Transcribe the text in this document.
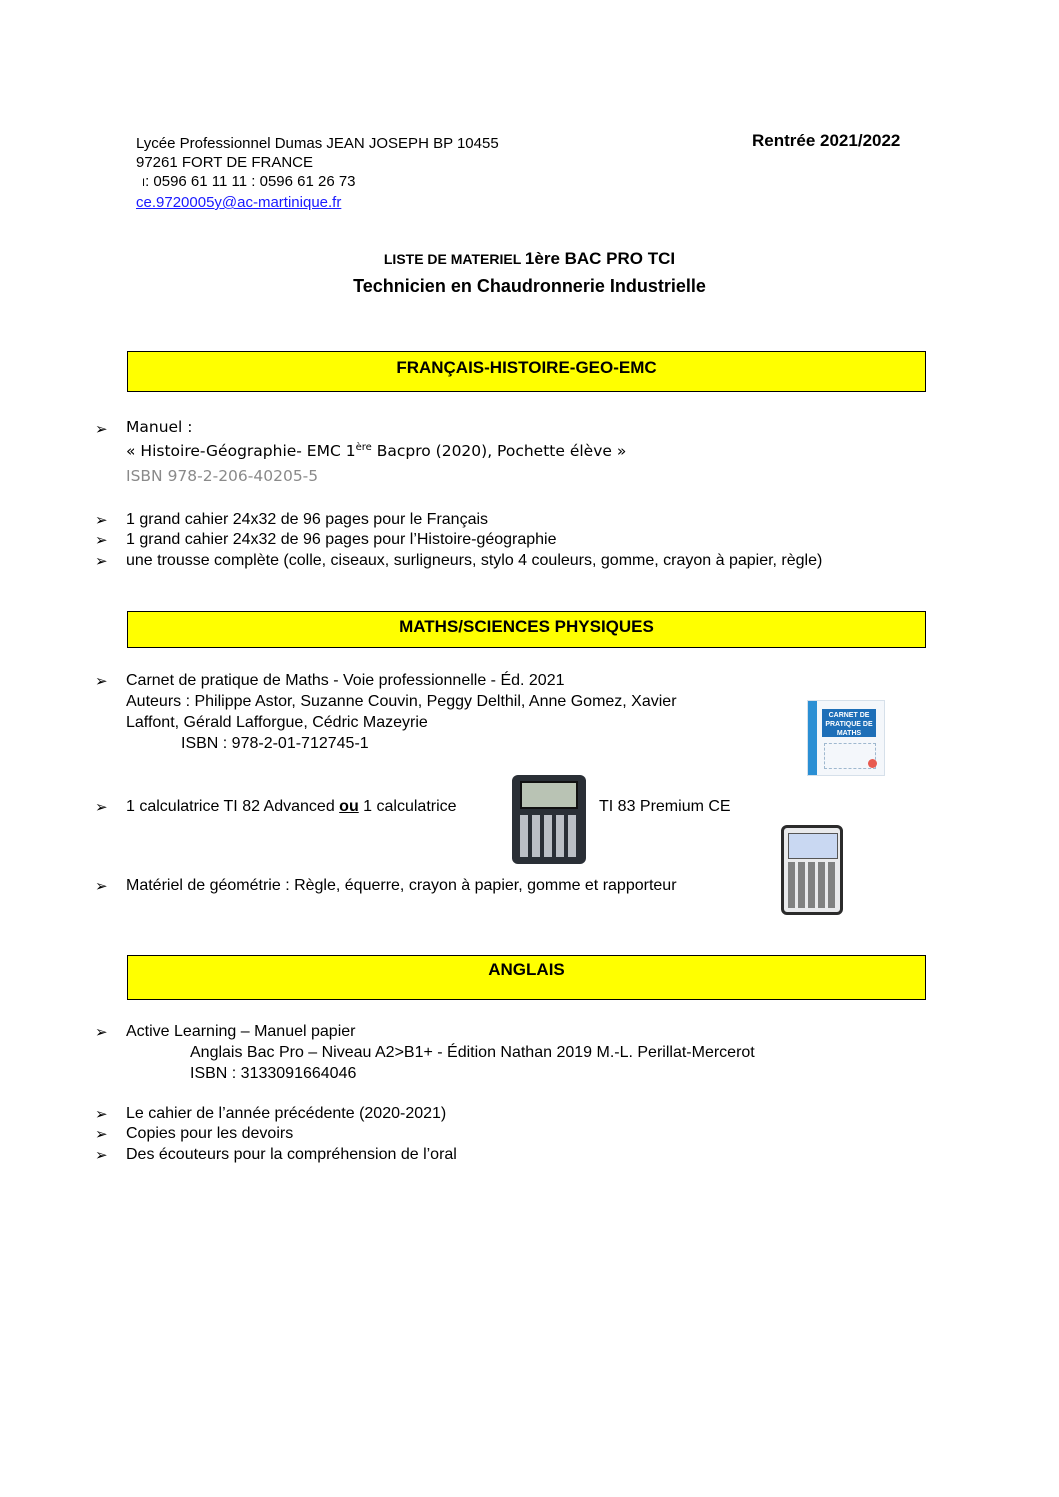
Lycée Professionnel Dumas JEAN JOSEPH BP 10455
97261 FORT DE FRANCE
I: 0596 61 11 11 : 0596 61 26 73
ce.9720005y@ac-martinique.fr
Rentrée 2021/2022
LISTE DE MATERIEL 1ère BAC PRO TCI
Technicien en Chaudronnerie Industrielle
FRANÇAIS-HISTOIRE-GEO-EMC
➢ Manuel :
« Histoire-Géographie- EMC 1ère Bacpro (2020), Pochette élève »
ISBN 978-2-206-40205-5
➢ 1 grand cahier 24x32 de 96 pages pour le Français
➢ 1 grand cahier 24x32 de 96 pages pour l’Histoire-géographie
➢ une trousse complète (colle, ciseaux, surligneurs, stylo 4 couleurs, gomme, crayon à papier, règle)
MATHS/SCIENCES PHYSIQUES
➢ Carnet de pratique de Maths - Voie professionnelle - Éd. 2021
Auteurs : Philippe Astor, Suzanne Couvin, Peggy Delthil, Anne Gomez, Xavier
Laffont, Gérald Lafforgue, Cédric Mazeyrie
ISBN : 978-2-01-712745-1
CARNET DE PRATIQUE DE MATHS
➢ 1 calculatrice TI 82 Advanced ou 1 calculatrice	TI 83 Premium CE
➢ Matériel de géométrie : Règle, équerre, crayon à papier, gomme et rapporteur
ANGLAIS
➢ Active Learning – Manuel papier
Anglais Bac Pro – Niveau A2>B1+ - Édition Nathan 2019 M.-L. Perillat-Mercerot
ISBN : 3133091664046
➢ Le cahier de l’année précédente (2020-2021)
➢ Copies pour les devoirs
➢ Des écouteurs pour la compréhension de l’oral
